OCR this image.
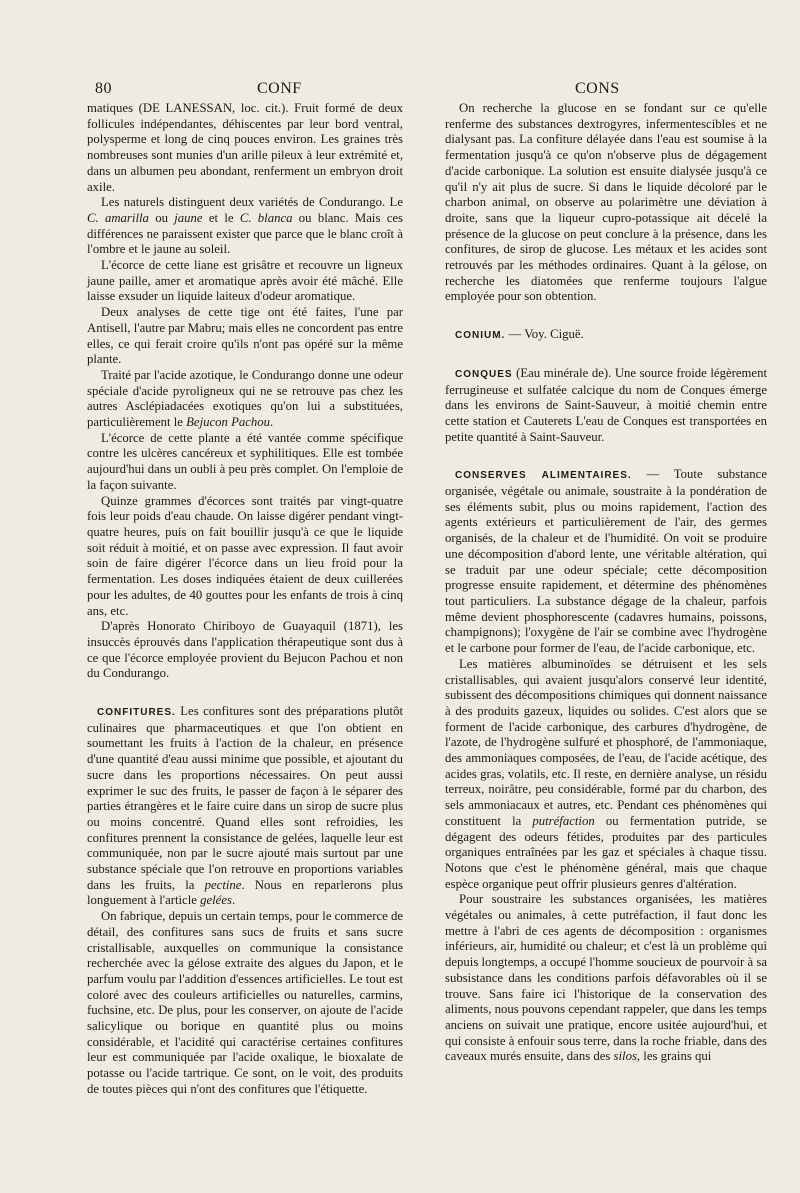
80	CONF	CONS

matiques (DE LANESSAN, loc. cit.). Fruit formé de deux follicules indépendantes, déhiscentes par leur bord ventral, polysperme et long de cinq pouces environ. Les graines très nombreuses sont munies d'un arille pileux à leur extrémité et, dans un albumen peu abondant, renferment un embryon droit axile.

Les naturels distinguent deux variétés de Condurango. Le C. amarilla ou jaune et le C. blanca ou blanc. Mais ces différences ne paraissent exister que parce que le blanc croît à l'ombre et le jaune au soleil.

L'écorce de cette liane est grisâtre et recouvre un ligneux jaune paille, amer et aromatique après avoir été mâché. Elle laisse exsuder un liquide laiteux d'odeur aromatique.

Deux analyses de cette tige ont été faites, l'une par Antisell, l'autre par Mabru; mais elles ne concordent pas entre elles, ce qui ferait croire qu'ils n'ont pas opéré sur la même plante.

Traité par l'acide azotique, le Condurango donne une odeur spéciale d'acide pyroligneux qui ne se retrouve pas chez les autres Asclépiadacées exotiques qu'on lui a substituées, particulièrement le Bejucon Pachou.

L'écorce de cette plante a été vantée comme spécifique contre les ulcères cancéreux et syphilitiques. Elle est tombée aujourd'hui dans un oubli à peu près complet. On l'emploie de la façon suivante.

Quinze grammes d'écorces sont traités par vingt-quatre fois leur poids d'eau chaude. On laisse digérer pendant vingt-quatre heures, puis on fait bouillir jusqu'à ce que le liquide soit réduit à moitié, et on passe avec expression. Il faut avoir soin de faire digérer l'écorce dans un lieu froid pour la fermentation. Les doses indiquées étaient de deux cuillerées pour les adultes, de 40 gouttes pour les enfants de trois à cinq ans, etc.

D'après Honorato Chiriboyo de Guayaquil (1871), les insuccès éprouvés dans l'application thérapeutique sont dus à ce que l'écorce employée provient du Bejucon Pachou et non du Condurango.

CONFITURES. Les confitures sont des préparations plutôt culinaires que pharmaceutiques et que l'on obtient en soumettant les fruits à l'action de la chaleur, en présence d'une quantité d'eau aussi minime que possible, et ajoutant du sucre dans les proportions nécessaires. On peut aussi exprimer le suc des fruits, le passer de façon à le séparer des parties étrangères et le faire cuire dans un sirop de sucre plus ou moins concentré. Quand elles sont refroidies, les confitures prennent la consistance de gelées, laquelle leur est communiquée, non par le sucre ajouté mais surtout par une substance spéciale que l'on retrouve en proportions variables dans les fruits, la pectine. Nous en reparlerons plus longuement à l'article gelées.

On fabrique, depuis un certain temps, pour le commerce de détail, des confitures sans sucs de fruits et sans sucre cristallisable, auxquelles on communique la consistance recherchée avec la gélose extraite des algues du Japon, et le parfum voulu par l'addition d'essences artificielles. Le tout est coloré avec des couleurs artificielles ou naturelles, carmins, fuchsine, etc. De plus, pour les conserver, on ajoute de l'acide salicylique ou borique en quantité plus ou moins considérable, et l'acidité qui caractérise certaines confitures leur est communiquée par l'acide oxalique, le bioxalate de potasse ou l'acide tartrique. Ce sont, on le voit, des produits de toutes pièces qui n'ont des confitures que l'étiquette.

On recherche la glucose en se fondant sur ce qu'elle renferme des substances dextrogyres, infermentescibles et ne dialysant pas. La confiture délayée dans l'eau est soumise à la fermentation jusqu'à ce qu'on n'observe plus de dégagement d'acide carbonique. La solution est ensuite dialysée jusqu'à ce qu'il n'y ait plus de sucre. Si dans le liquide décoloré par le charbon animal, on observe au polarimètre une déviation à droite, sans que la liqueur cupro-potassique ait décelé la présence de la glucose on peut conclure à la présence, dans les confitures, de sirop de glucose. Les métaux et les acides sont retrouvés par les méthodes ordinaires. Quant à la gélose, on recherche les diatomées que renferme toujours l'algue employée pour son obtention.

CONIUM. — Voy. Ciguë.

CONQUES (Eau minérale de). Une source froide légèrement ferrugineuse et sulfatée calcique du nom de Conques émerge dans les environs de Saint-Sauveur, à moitié chemin entre cette station et Cauterets L'eau de Conques est transportées en petite quantité à Saint-Sauveur.

CONSERVES ALIMENTAIRES. — Toute substance organisée, végétale ou animale, soustraite à la pondération de ses éléments subit, plus ou moins rapidement, l'action des agents extérieurs et particulièrement de l'air, des germes organisés, de la chaleur et de l'humidité. On voit se produire une décomposition d'abord lente, une véritable altération, qui se traduit par une odeur spéciale; cette décomposition progresse ensuite rapidement, et détermine des phénomènes tout particuliers. La substance dégage de la chaleur, parfois même devient phosphorescente (cadavres humains, poissons, champignons); l'oxygène de l'air se combine avec l'hydrogène et le carbone pour former de l'eau, de l'acide carbonique, etc.

Les matières albuminoïdes se détruisent et les sels cristallisables, qui avaient jusqu'alors conservé leur identité, subissent des décompositions chimiques qui donnent naissance à des produits gazeux, liquides ou solides. C'est alors que se forment de l'acide carbonique, des carbures d'hydrogène, de l'azote, de l'hydrogène sulfuré et phosphoré, de l'ammoniaque, des ammoniaques composées, de l'eau, de l'acide acétique, des acides gras, volatils, etc. Il reste, en dernière analyse, un résidu terreux, noirâtre, peu considérable, formé par du charbon, des sels ammoniacaux et autres, etc. Pendant ces phénomènes qui constituent la putréfaction ou fermentation putride, se dégagent des odeurs fétides, produites par des particules organiques entraînées par les gaz et spéciales à chaque tissu. Notons que c'est le phénomène général, mais que chaque espèce organique peut offrir plusieurs genres d'altération.

Pour soustraire les substances organisées, les matières végétales ou animales, à cette putréfaction, il faut donc les mettre à l'abri de ces agents de décomposition : organismes inférieurs, air, humidité ou chaleur; et c'est là un problème qui depuis longtemps, a occupé l'homme soucieux de pourvoir à sa subsistance dans les conditions parfois défavorables où il se trouve. Sans faire ici l'historique de la conservation des aliments, nous pouvons cependant rappeler, que dans les temps anciens on suivait une pratique, encore usitée aujourd'hui, et qui consiste à enfouir sous terre, dans la roche friable, dans des caveaux murés ensuite, dans des silos, les grains qui
